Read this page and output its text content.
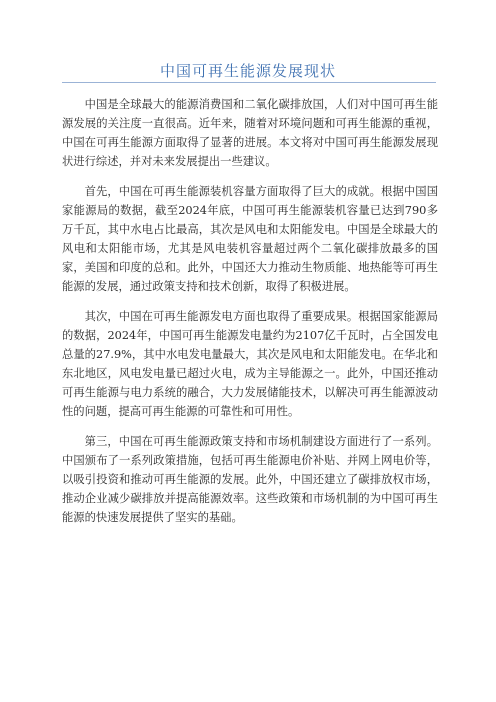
中国可再生能源发展现状

中国是全球最大的能源消费国和二氧化碳排放国，人们对中国可再生能源发展的关注度一直很高。近年来，随着对环境问题和可再生能源的重视，中国在可再生能源方面取得了显著的进展。本文将对中国可再生能源发展现状进行综述，并对未来发展提出一些建议。

首先，中国在可再生能源装机容量方面取得了巨大的成就。根据中国国家能源局的数据，截至2024年底，中国可再生能源装机容量已达到790多万千瓦，其中水电占比最高，其次是风电和太阳能发电。中国是全球最大的风电和太阳能市场，尤其是风电装机容量超过两个二氧化碳排放最多的国家，美国和印度的总和。此外，中国还大力推动生物质能、地热能等可再生能源的发展，通过政策支持和技术创新，取得了积极进展。

其次，中国在可再生能源发电方面也取得了重要成果。根据国家能源局的数据，2024年，中国可再生能源发电量约为2107亿千瓦时，占全国发电总量的27.9%，其中水电发电量最大，其次是风电和太阳能发电。在华北和东北地区，风电发电量已超过火电，成为主导能源之一。此外，中国还推动可再生能源与电力系统的融合，大力发展储能技术，以解决可再生能源波动性的问题，提高可再生能源的可靠性和可用性。

第三，中国在可再生能源政策支持和市场机制建设方面进行了一系列。中国颁布了一系列政策措施，包括可再生能源电价补贴、并网上网电价等，以吸引投资和推动可再生能源的发展。此外，中国还建立了碳排放权市场，推动企业减少碳排放并提高能源效率。这些政策和市场机制的为中国可再生能源的快速发展提供了坚实的基础。
